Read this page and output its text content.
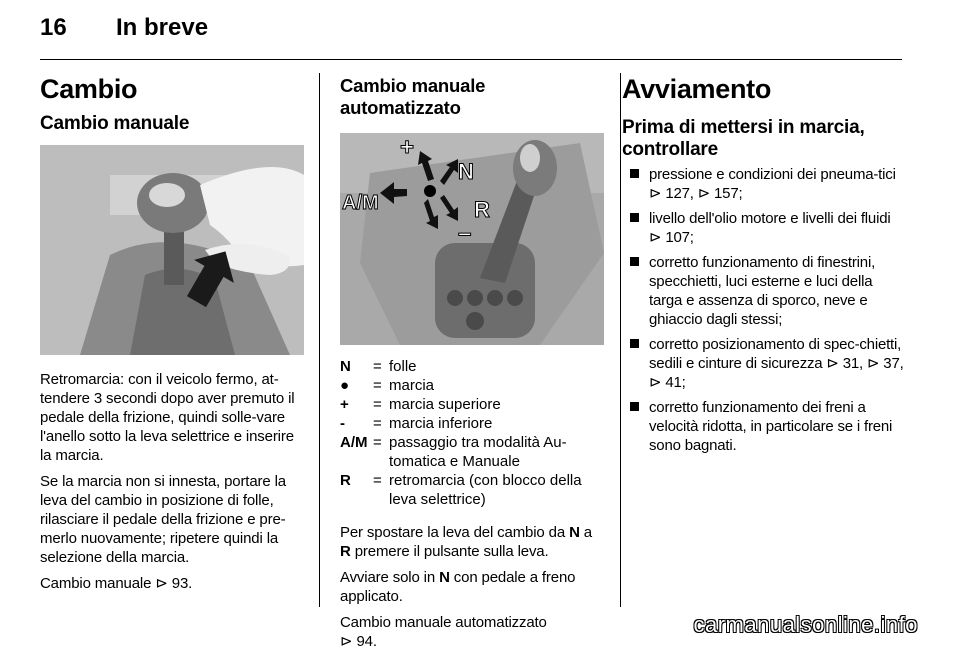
16 In breve
Cambio
Cambio manuale

Retromarcia: con il veicolo fermo, at-tendere 3 secondi dopo aver premuto il pedale della frizione, quindi solle-vare l'anello sotto la leva selettrice e inserire la marcia.

Se la marcia non si innesta, portare la leva del cambio in posizione di folle, rilasciare il pedale della frizione e pre-merlo nuovamente; ripetere quindi la selezione della marcia.

Cambio manuale ⊳ 93.

Cambio manuale automatizzato
+
N
A/M	R
–
N	= folle
●	= marcia
+	= marcia superiore
-	= marcia inferiore
A/M = passaggio tra modalità Au-tomatica e Manuale
R	= retromarcia (con blocco della leva selettrice)

Per spostare la leva del cambio da N a R premere il pulsante sulla leva.

Avviare solo in N con pedale a freno applicato.

Cambio manuale automatizzato
⊳ 94.

Avviamento
Prima di mettersi in marcia, controllare
pressione e condizioni dei pneuma-tici ⊳ 127, ⊳ 157;
livello dell'olio motore e livelli dei fluidi ⊳ 107;
corretto funzionamento di finestrini, specchietti, luci esterne e luci della targa e assenza di sporco, neve e ghiaccio dagli stessi;
corretto posizionamento di spec-chietti, sedili e cinture di sicurezza ⊳ 31, ⊳ 37, ⊳ 41;
corretto funzionamento dei freni a velocità ridotta, in particolare se i freni sono bagnati.
carmanualsonline.info
